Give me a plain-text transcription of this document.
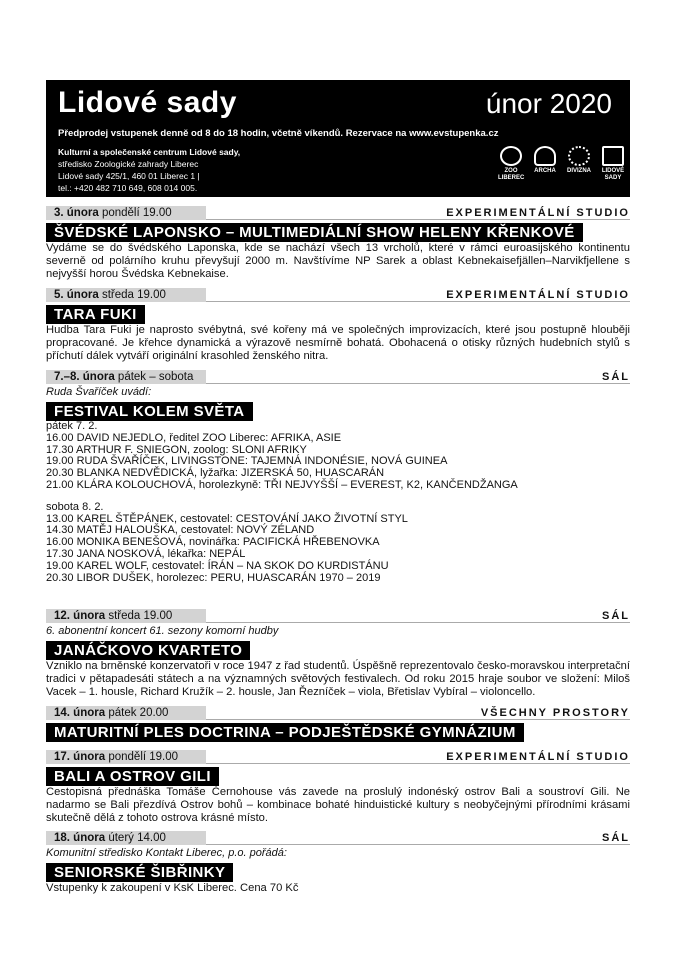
Lidové sady	únor 2020
Předprodej vstupenek denně od 8 do 18 hodin, včetně víkendů. Rezervace na www.evstupenka.cz
Kulturní a společenské centrum Lidové sady,
středisko Zoologické zahrady Liberec
Lidové sady 425/1, 460 01 Liberec 1 |
tel.: +420 482 710 649, 608 014 005.
ZOO
LIBEREC
ARCHA	DIVIZNA	LIDOVÉ
SADY
3. února pondělí 19.00	EXPERIMENTÁLNÍ STUDIO
ŠVÉDSKÉ LAPONSKO – MULTIMEDIÁLNÍ SHOW HELENY KŘENKOVÉ
Vydáme se do švédského Laponska, kde se nachází všech 13 vrcholů, které v rámci euroasijského kontinentu severně od polárního kruhu převyšují 2000 m. Navštívíme NP Sarek a oblast Kebnekaisefjällen–Narvikfjellene s nejvyšší horou Švédska Kebnekaise.
5. února středa 19.00	EXPERIMENTÁLNÍ STUDIO
TARA FUKI
Hudba Tara Fuki je naprosto svébytná, své kořeny má ve společných improvizacích, které jsou postupně hlouběji propracované. Je křehce dynamická a výrazově nesmírně bohatá. Obohacená o otisky různých hudebních stylů s příchutí dálek vytváří originální krasohled ženského nitra.
7.–8. února pátek – sobota	SÁL
Ruda Švaříček uvádí:
FESTIVAL KOLEM SVĚTA
pátek 7. 2.
16.00 DAVID NEJEDLO, ředitel ZOO Liberec: AFRIKA, ASIE
17.30 ARTHUR F. SNIEGON, zoolog: SLONI AFRIKY
19.00 RUDA ŠVAŘÍČEK, LIVINGSTONE: TAJEMNÁ INDONÉSIE, NOVÁ GUINEA
20.30 BLANKA NEDVĚDICKÁ, lyžařka: JIZERSKÁ 50, HUASCARÁN
21.00 KLÁRA KOLOUCHOVÁ, horolezkyně: TŘI NEJVYŠŠÍ – EVEREST, K2, KANČENDŽANGA
sobota 8. 2.
13.00 KAREL ŠTĚPÁNEK, cestovatel: CESTOVÁNÍ JAKO ŽIVOTNÍ STYL
14.30 MATĚJ HALOUŠKA, cestovatel: NOVÝ ZÉLAND
16.00 MONIKA BENEŠOVÁ, novinářka: PACIFICKÁ HŘEBENOVKA
17.30 JANA NOSKOVÁ, lékařka: NEPÁL
19.00 KAREL WOLF, cestovatel: ÍRÁN – NA SKOK DO KURDISTÁNU
20.30 LIBOR DUŠEK, horolezec: PERU, HUASCARÁN 1970 – 2019
12. února středa 19.00	SÁL
6. abonentní koncert 61. sezony komorní hudby
JANÁČKOVO KVARTETO
Vzniklo na brněnské konzervatoři v roce 1947 z řad studentů. Úspěšně reprezentovalo česko-moravskou interpretační tradici v pětapadesáti státech a na významných světových festivalech. Od roku 2015 hraje soubor ve složení: Miloš Vacek – 1. housle, Richard Kružík – 2. housle, Jan Řezníček – viola, Břetislav Vybíral – violoncello.
14. února pátek 20.00	VŠECHNY PROSTORY
MATURITNÍ PLES DOCTRINA – PODJEŠTĚDSKÉ GYMNÁZIUM
17. února pondělí 19.00	EXPERIMENTÁLNÍ STUDIO
BALI A OSTROV GILI
Cestopisná přednáška Tomáše Černohouse vás zavede na proslulý indonéský ostrov Bali a soustroví Gili. Ne nadarmo se Bali přezdívá Ostrov bohů – kombinace bohaté hinduistické kultury s neobyčejnými přírodními krásami skutečně dělá z tohoto ostrova krásné místo.
18. února úterý 14.00	SÁL
Komunitní středisko Kontakt Liberec, p.o. pořádá:
SENIORSKÉ ŠIBŘINKY
Vstupenky k zakoupení v KsK Liberec. Cena 70 Kč
